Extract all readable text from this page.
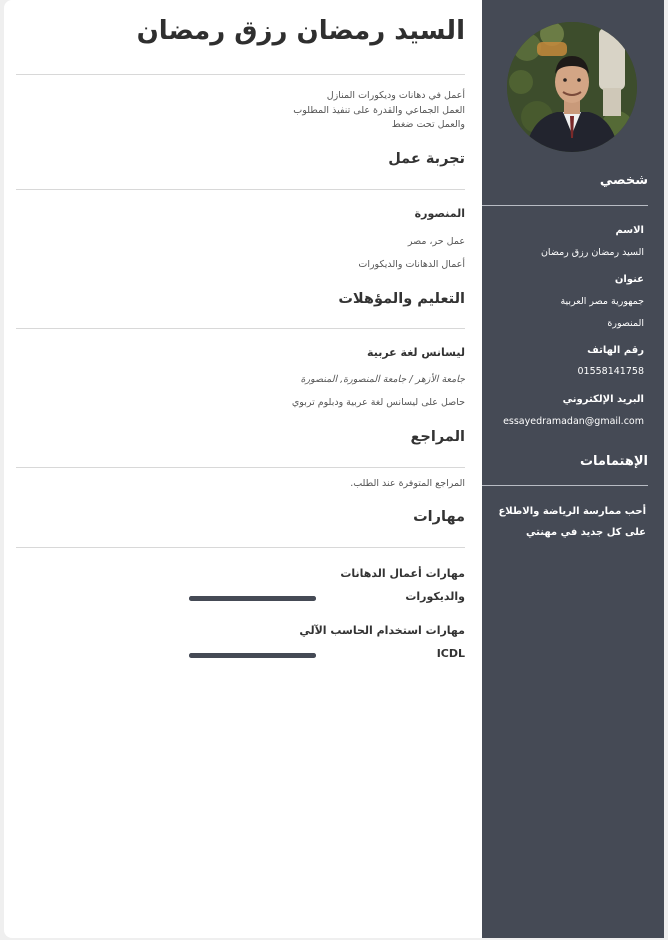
السيد رمضان رزق رمضان
أعمل في دهانات وديكورات المنازل
العمل الجماعي والقدرة على تنفيذ المطلوب
والعمل تحت ضغط
تجربة عمل
المنصورة
عمل حر، مصر
أعمال الدهانات والديكورات
التعليم والمؤهلات
ليسانس لغة عربية
جامعة الأزهر / جامعة المنصورة, المنصورة
حاصل على ليسانس لغة عربية ودبلوم تربوي
المراجع
المراجع المتوفرة عند الطلب.
مهارات
مهارات أعمال الدهانات
والديكورات
مهارات استخدام الحاسب الآلي
ICDL
شخصي
الاسم
السيد رمضان رزق رمضان
عنوان
جمهورية مصر العربية
المنصورة
رقم الهاتف
01558141758
البريد الإلكتروني
essayedramadan@gmail.com
الإهتمامات
أحب ممارسة الرياضة والاطلاع على كل جديد في مهنتي
